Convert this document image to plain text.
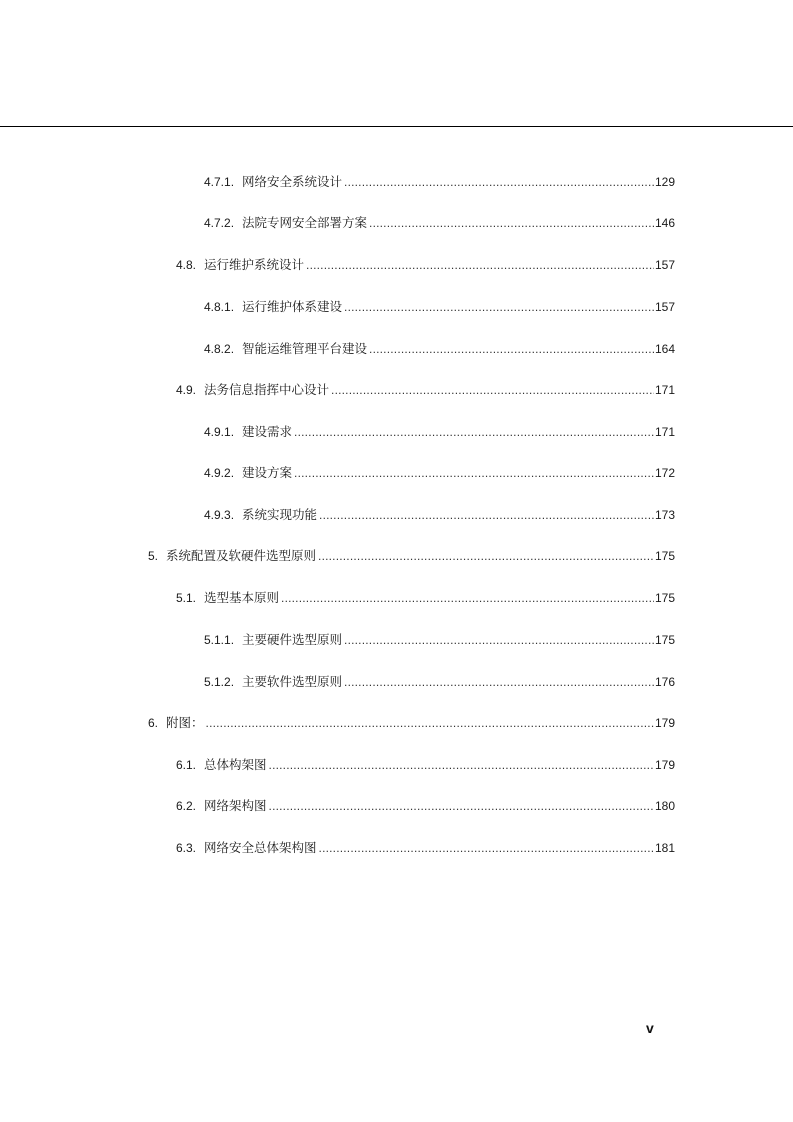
4.7.1. 网络安全系统设计 .....	129
4.7.2. 法院专网安全部署方案 .....	146
4.8. 运行维护系统设计 .....	157
4.8.1. 运行维护体系建设 .....	157
4.8.2. 智能运维管理平台建设 .....	164
4.9. 法务信息指挥中心设计 .....	171
4.9.1. 建设需求 .....	171
4.9.2. 建设方案 .....	172
4.9.3. 系统实现功能 .....	173
5. 系统配置及软硬件选型原则 .....	175
5.1. 选型基本原则 .....	175
5.1.1. 主要硬件选型原则 .....	175
5.1.2. 主要软件选型原则 .....	176
6. 附图： .....	179
6.1. 总体构架图 .....	179
6.2. 网络架构图 .....	180
6.3. 网络安全总体架构图 .....	181
v
